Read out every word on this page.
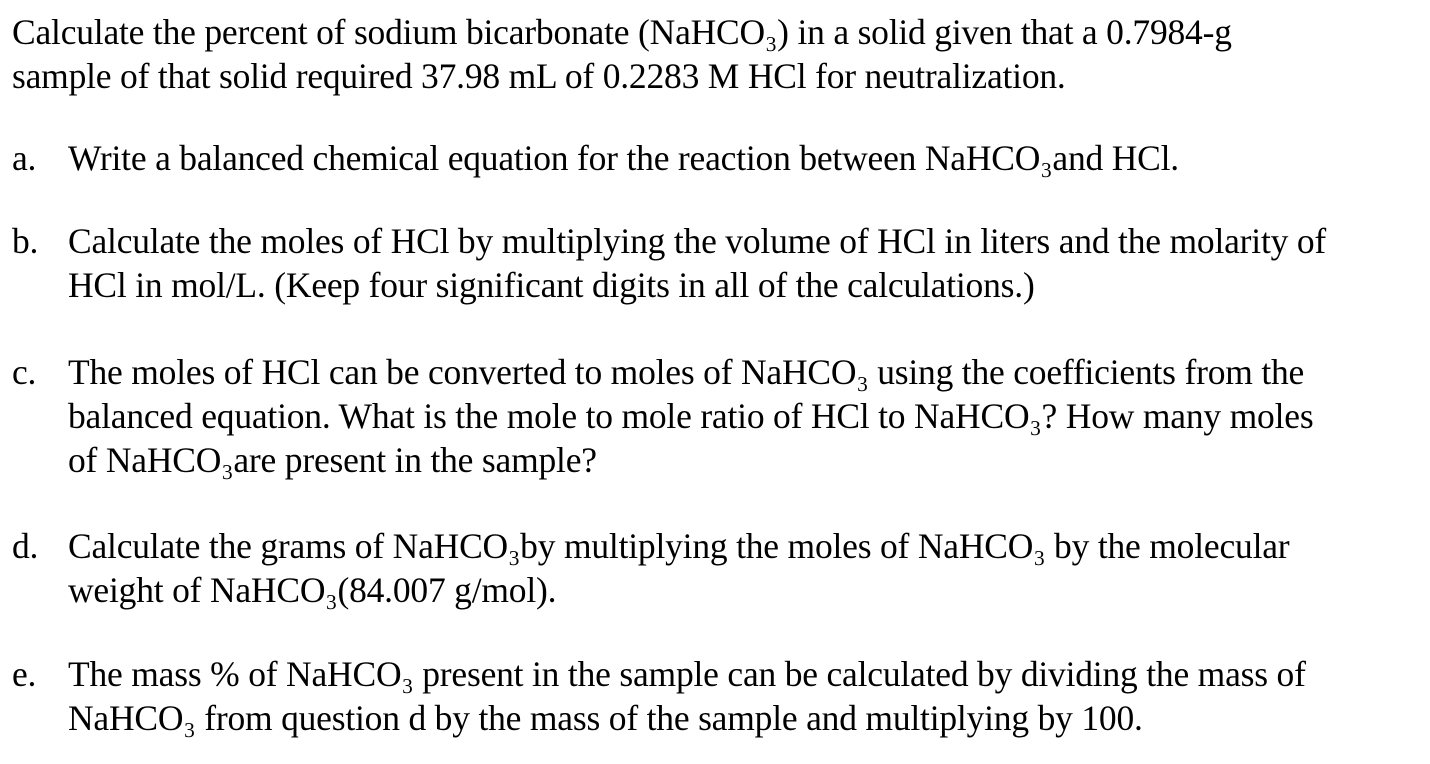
Calculate the percent of sodium bicarbonate (NaHCO₃) in a solid given that a 0.7984-g
sample of that solid required 37.98 mL of 0.2283 M HCl for neutralization.

a. Write a balanced chemical equation for the reaction between NaHCO₃and HCl.
b. Calculate the moles of HCl by multiplying the volume of HCl in liters and the molarity of
HCl in mol/L. (Keep four significant digits in all of the calculations.)
c. The moles of HCl can be converted to moles of NaHCO₃ using the coefficients from the
balanced equation. What is the mole to mole ratio of HCl to NaHCO₃? How many moles
of NaHCO₃are present in the sample?
d. Calculate the grams of NaHCO₃by multiplying the moles of NaHCO₃ by the molecular
weight of NaHCO₃(84.007 g/mol).
e. The mass % of NaHCO₃ present in the sample can be calculated by dividing the mass of
NaHCO₃ from question d by the mass of the sample and multiplying by 100.
